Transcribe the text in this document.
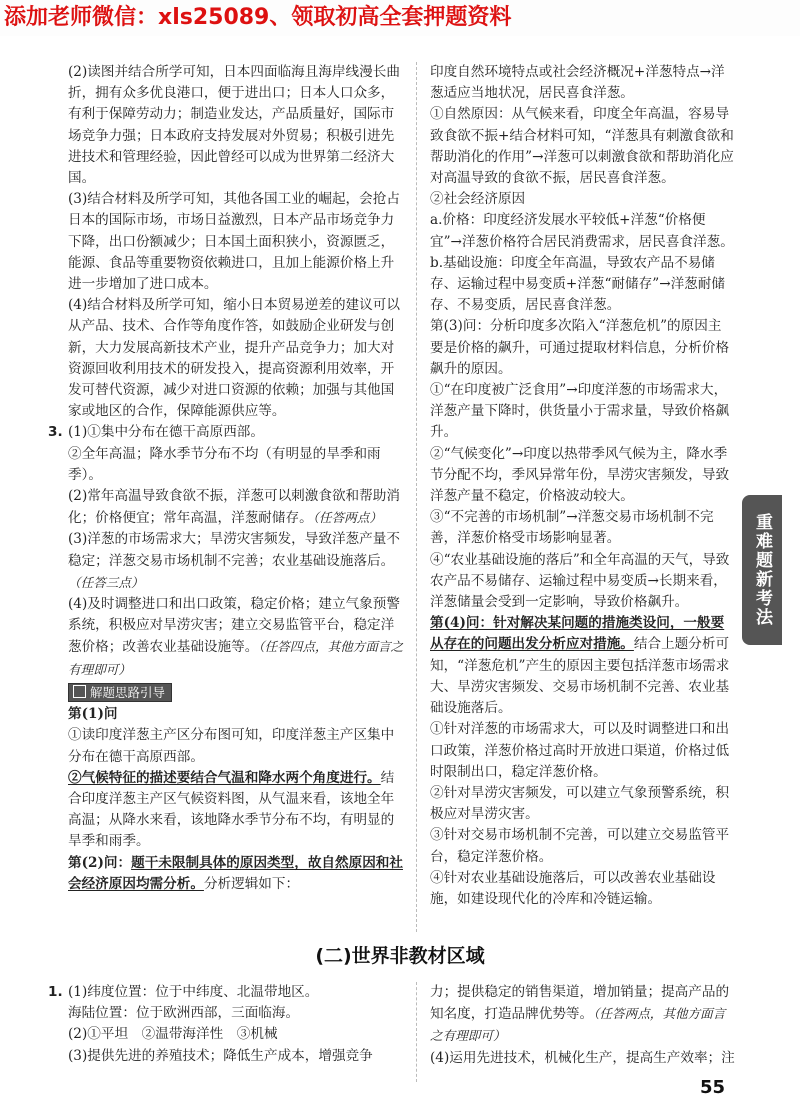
添加老师微信：xls25089、领取初高全套押题资料

(2)读图并结合所学可知，日本四面临海且海岸线漫长曲折，拥有众多优良港口，便于进出口；日本人口众多，有利于保障劳动力；制造业发达，产品质量好，国际市场竞争力强；日本政府支持发展对外贸易；积极引进先进技术和管理经验，因此曾经可以成为世界第二经济大国。

(3)结合材料及所学可知，其他各国工业的崛起，会抢占日本的国际市场，市场日益激烈，日本产品市场竞争力下降，出口份额减少；日本国土面积狭小，资源匮乏，能源、食品等重要物资依赖进口，且加上能源价格上升进一步增加了进口成本。

(4)结合材料及所学可知，缩小日本贸易逆差的建议可以从产品、技术、合作等角度作答，如鼓励企业研发与创新，大力发展高新技术产业，提升产品竞争力；加大对资源回收利用技术的研发投入，提高资源利用效率，开发可替代资源，减少对进口资源的依赖；加强与其他国家或地区的合作，保障能源供应等。

3. (1)①集中分布在德干高原西部。

②全年高温；降水季节分布不均（有明显的旱季和雨季）。

(2)常年高温导致食欲不振，洋葱可以刺激食欲和帮助消化；价格便宜；常年高温，洋葱耐储存。（任答两点）

(3)洋葱的市场需求大；旱涝灾害频发，导致洋葱产量不稳定；洋葱交易市场机制不完善；农业基础设施落后。（任答三点）

(4)及时调整进口和出口政策，稳定价格；建立气象预警系统，积极应对旱涝灾害；建立交易监管平台，稳定洋葱价格；改善农业基础设施等。（任答四点，其他方面言之有理即可）

解题思路引导

第(1)问

①读印度洋葱主产区分布图可知，印度洋葱主产区集中分布在德干高原西部。

②气候特征的描述要结合气温和降水两个角度进行。结合印度洋葱主产区气候资料图，从气温来看，该地全年高温；从降水来看，该地降水季节分布不均，有明显的旱季和雨季。

第(2)问：题干未限制具体的原因类型，故自然原因和社会经济原因均需分析。分析逻辑如下：

印度自然环境特点或社会经济概况+洋葱特点→洋葱适应当地状况，居民喜食洋葱。

①自然原因：从气候来看，印度全年高温，容易导致食欲不振+结合材料可知，“洋葱具有刺激食欲和帮助消化的作用”→洋葱可以刺激食欲和帮助消化应对高温导致的食欲不振，居民喜食洋葱。

②社会经济原因

a.价格：印度经济发展水平较低+洋葱“价格便宜”→洋葱价格符合居民消费需求，居民喜食洋葱。

b.基础设施：印度全年高温，导致农产品不易储存、运输过程中易变质+洋葱“耐储存”→洋葱耐储存、不易变质，居民喜食洋葱。

第(3)问：分析印度多次陷入“洋葱危机”的原因主要是价格的飙升，可通过提取材料信息，分析价格飙升的原因。

①“在印度被广泛食用”→印度洋葱的市场需求大，洋葱产量下降时，供货量小于需求量，导致价格飙升。

②“气候变化”→印度以热带季风气候为主，降水季节分配不均，季风异常年份，旱涝灾害频发，导致洋葱产量不稳定，价格波动较大。

③“不完善的市场机制”→洋葱交易市场机制不完善，洋葱价格受市场影响显著。

④“农业基础设施的落后”和全年高温的天气，导致农产品不易储存、运输过程中易变质→长期来看，洋葱储量会受到一定影响，导致价格飙升。

第(4)问：针对解决某问题的措施类设问，一般要从存在的问题出发分析应对措施。结合上题分析可知，“洋葱危机”产生的原因主要包括洋葱市场需求大、旱涝灾害频发、交易市场机制不完善、农业基础设施落后。

①针对洋葱的市场需求大，可以及时调整进口和出口政策，洋葱价格过高时开放进口渠道，价格过低时限制出口，稳定洋葱价格。

②针对旱涝灾害频发，可以建立气象预警系统，积极应对旱涝灾害。

③针对交易市场机制不完善，可以建立交易监管平台，稳定洋葱价格。

④针对农业基础设施落后，可以改善农业基础设施，如建设现代化的冷库和冷链运输。

重难题新考法
(二)世界非教材区域

1. (1)纬度位置：位于中纬度、北温带地区。

海陆位置：位于欧洲西部，三面临海。

(2)①平坦　②温带海洋性　③机械

(3)提供先进的养殖技术；降低生产成本，增强竞争

力；提供稳定的销售渠道，增加销量；提高产品的知名度，打造品牌优势等。（任答两点，其他方面言之有理即可）

(4)运用先进技术，机械化生产，提高生产效率；注

55
